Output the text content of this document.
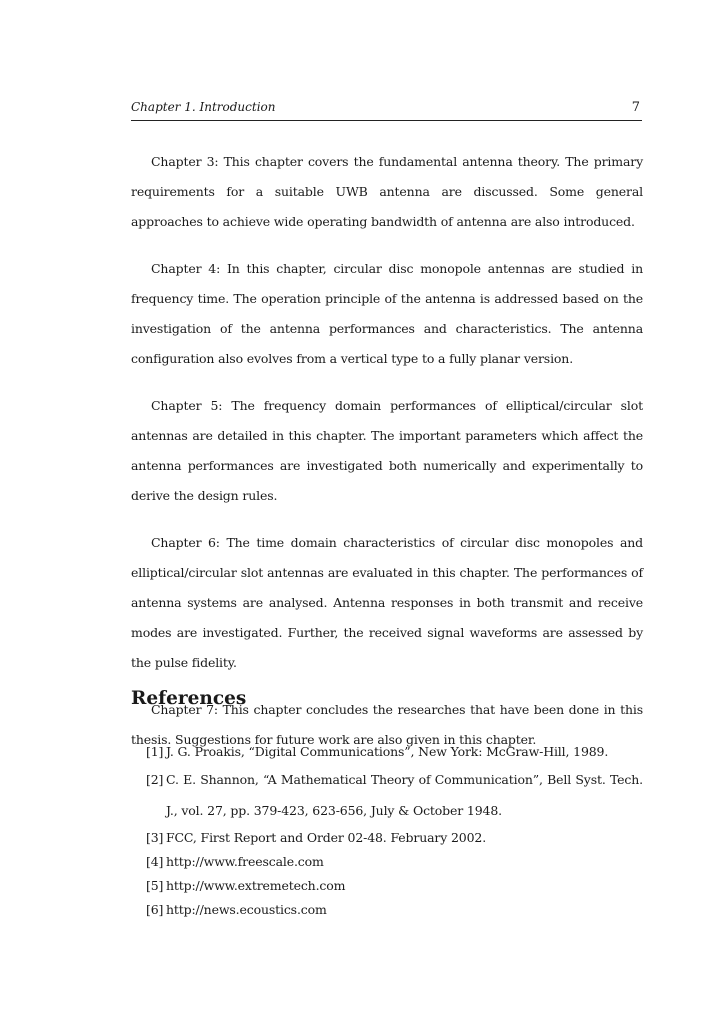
Chapter 1. Introduction	7

Chapter 3: This chapter covers the fundamental antenna theory. The primary requirements for a suitable UWB antenna are discussed. Some general approaches to achieve wide operating bandwidth of antenna are also introduced.

Chapter 4: In this chapter, circular disc monopole antennas are studied in frequency time. The operation principle of the antenna is addressed based on the investigation of the antenna performances and characteristics. The antenna configuration also evolves from a vertical type to a fully planar version.

Chapter 5: The frequency domain performances of elliptical/circular slot antennas are detailed in this chapter. The important parameters which affect the antenna performances are investigated both numerically and experimentally to derive the design rules.

Chapter 6: The time domain characteristics of circular disc monopoles and elliptical/circular slot antennas are evaluated in this chapter. The performances of antenna systems are analysed. Antenna responses in both transmit and receive modes are investigated. Further, the received signal waveforms are assessed by the pulse fidelity.

Chapter 7: This chapter concludes the researches that have been done in this thesis. Suggestions for future work are also given in this chapter.

References
[1] J. G. Proakis, “Digital Communications”, New York: McGraw-Hill, 1989.
[2] C. E. Shannon, “A Mathematical Theory of Communication”, Bell Syst. Tech. J., vol. 27, pp. 379-423, 623-656, July & October 1948.
[3] FCC, First Report and Order 02-48. February 2002.
[4] http://www.freescale.com
[5] http://www.extremetech.com
[6] http://news.ecoustics.com
